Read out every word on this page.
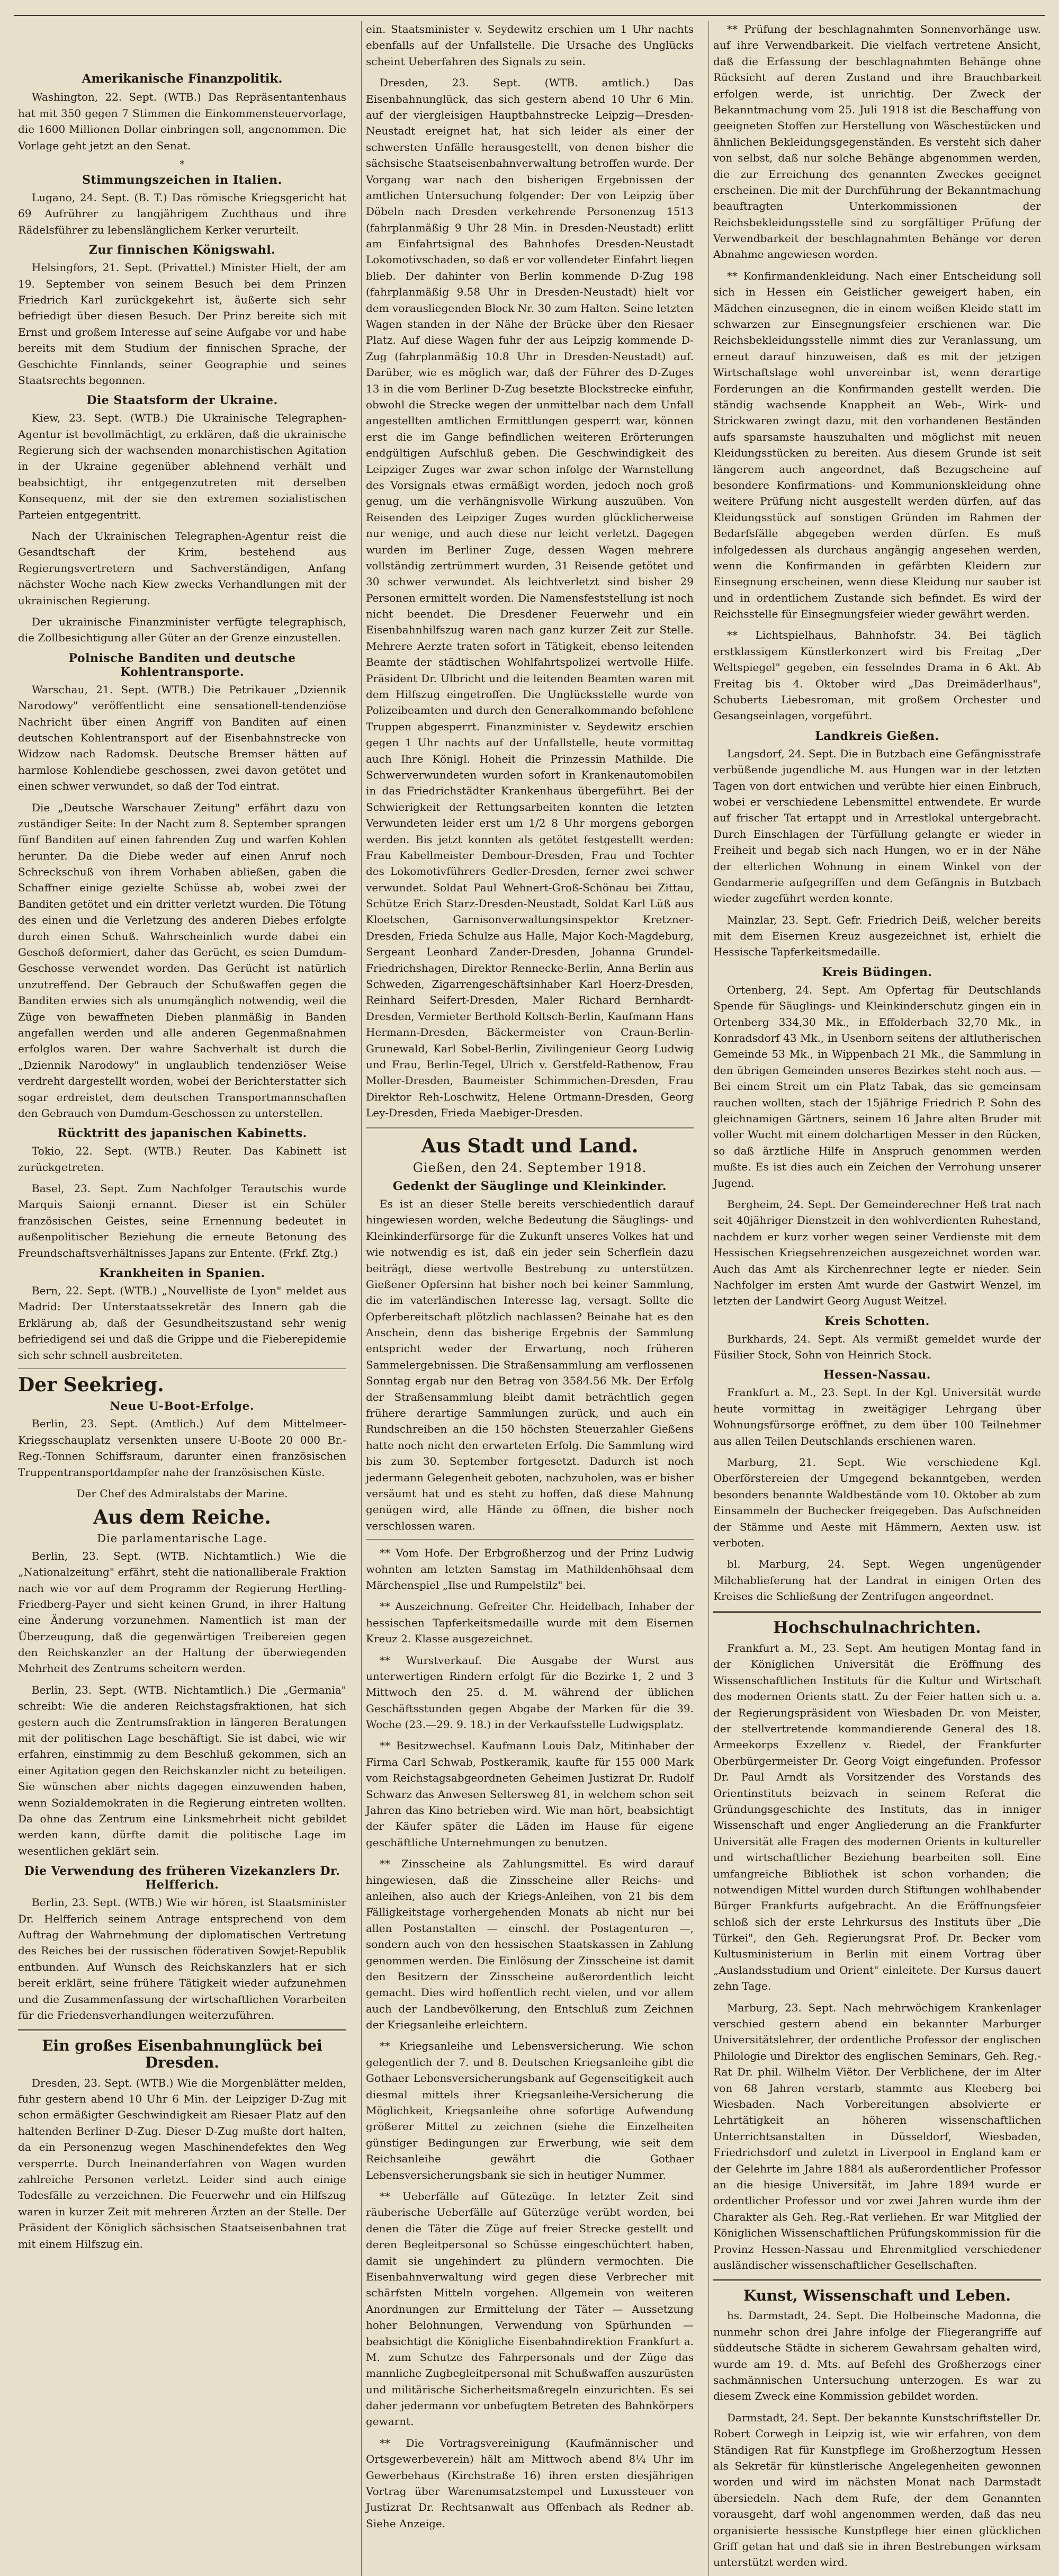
Amerikanische Finanzpolitik.

Washington, 22. Sept. (WTB.) Das Repräsentantenhaus hat mit 350 gegen 7 Stimmen die Einkommensteuervorlage, die 1600 Millionen Dollar einbringen soll, angenommen. Die Vorlage geht jetzt an den Senat.

*
Stimmungszeichen in Italien.

Lugano, 24. Sept. (B. T.) Das römische Kriegsgericht hat 69 Aufrührer zu langjährigem Zuchthaus und ihre Rädelsführer zu lebenslänglichem Kerker verurteilt.

Zur finnischen Königswahl.

Helsingfors, 21. Sept. (Privattel.) Minister Hielt, der am 19. September von seinem Besuch bei dem Prinzen Friedrich Karl zurückgekehrt ist, äußerte sich sehr befriedigt über diesen Besuch. Der Prinz bereite sich mit Ernst und großem Interesse auf seine Aufgabe vor und habe bereits mit dem Studium der finnischen Sprache, der Geschichte Finnlands, seiner Geographie und seines Staatsrechts begonnen.

Die Staatsform der Ukraine.

Kiew, 23. Sept. (WTB.) Die Ukrainische Telegraphen-Agentur ist bevollmächtigt, zu erklären, daß die ukrainische Regierung sich der wachsenden monarchistischen Agitation in der Ukraine gegenüber ablehnend verhält und beabsichtigt, ihr entgegenzutreten mit derselben Konsequenz, mit der sie den extremen sozialistischen Parteien entgegentritt.

Nach der Ukrainischen Telegraphen-Agentur reist die Gesandtschaft der Krim, bestehend aus Regierungsvertretern und Sachverständigen, Anfang nächster Woche nach Kiew zwecks Verhandlungen mit der ukrainischen Regierung.

Der ukrainische Finanzminister verfügte telegraphisch, die Zollbesichtigung aller Güter an der Grenze einzustellen.

Polnische Banditen und deutsche Kohlentransporte.

Warschau, 21. Sept. (WTB.) Die Petrikauer „Dziennik Narodowy" veröffentlicht eine sensationell-tendenziöse Nachricht über einen Angriff von Banditen auf einen deutschen Kohlentransport auf der Eisenbahnstrecke von Widzow nach Radomsk. Deutsche Bremser hätten auf harmlose Kohlendiebe geschossen, zwei davon getötet und einen schwer verwundet, so daß der Tod eintrat.

Die „Deutsche Warschauer Zeitung" erfährt dazu von zuständiger Seite: In der Nacht zum 8. September sprangen fünf Banditen auf einen fahrenden Zug und warfen Kohlen herunter. Da die Diebe weder auf einen Anruf noch Schreckschuß von ihrem Vorhaben abließen, gaben die Schaffner einige gezielte Schüsse ab, wobei zwei der Banditen getötet und ein dritter verletzt wurden. Die Tötung des einen und die Verletzung des anderen Diebes erfolgte durch einen Schuß. Wahrscheinlich wurde dabei ein Geschoß deformiert, daher das Gerücht, es seien Dumdum-Geschosse verwendet worden. Das Gerücht ist natürlich unzutreffend. Der Gebrauch der Schußwaffen gegen die Banditen erwies sich als unumgänglich notwendig, weil die Züge von bewaffneten Dieben planmäßig in Banden angefallen werden und alle anderen Gegenmaßnahmen erfolglos waren. Der wahre Sachverhalt ist durch die „Dziennik Narodowy" in unglaublich tendenziöser Weise verdreht dargestellt worden, wobei der Berichterstatter sich sogar erdreistet, dem deutschen Transportmannschaften den Gebrauch von Dumdum-Geschossen zu unterstellen.

Rücktritt des japanischen Kabinetts.

Tokio, 22. Sept. (WTB.) Reuter. Das Kabinett ist zurückgetreten.

Basel, 23. Sept. Zum Nachfolger Terautschis wurde Marquis Saionji ernannt. Dieser ist ein Schüler französischen Geistes, seine Ernennung bedeutet in außenpolitischer Beziehung die erneute Betonung des Freundschaftsverhältnisses Japans zur Entente. (Frkf. Ztg.)

Krankheiten in Spanien.

Bern, 22. Sept. (WTB.) „Nouvelliste de Lyon" meldet aus Madrid: Der Unterstaatssekretär des Innern gab die Erklärung ab, daß der Gesundheitszustand sehr wenig befriedigend sei und daß die Grippe und die Fieberepidemie sich sehr schnell ausbreiteten.

Der Seekrieg.
Neue U-Boot-Erfolge.

Berlin, 23. Sept. (Amtlich.) Auf dem Mittelmeer-Kriegsschauplatz versenkten unsere U-Boote 20 000 Br.-Reg.-Tonnen Schiffsraum, darunter einen französischen Truppentransportdampfer nahe der französischen Küste.

Der Chef des Admiralstabs der Marine.

Aus dem Reiche.
Die parlamentarische Lage.

Berlin, 23. Sept. (WTB. Nichtamtlich.) Wie die „Nationalzeitung" erfährt, steht die nationalliberale Fraktion nach wie vor auf dem Programm der Regierung Hertling-Friedberg-Payer und sieht keinen Grund, in ihrer Haltung eine Änderung vorzunehmen. Namentlich ist man der Überzeugung, daß die gegenwärtigen Treibereien gegen den Reichskanzler an der Haltung der überwiegenden Mehrheit des Zentrums scheitern werden.

Berlin, 23. Sept. (WTB. Nichtamtlich.) Die „Germania" schreibt: Wie die anderen Reichstagsfraktionen, hat sich gestern auch die Zentrumsfraktion in längeren Beratungen mit der politischen Lage beschäftigt. Sie ist dabei, wie wir erfahren, einstimmig zu dem Beschluß gekommen, sich an einer Agitation gegen den Reichskanzler nicht zu beteiligen. Sie wünschen aber nichts dagegen einzuwenden haben, wenn Sozialdemokraten in die Regierung eintreten wollten. Da ohne das Zentrum eine Linksmehrheit nicht gebildet werden kann, dürfte damit die politische Lage im wesentlichen geklärt sein.

Die Verwendung des früheren Vizekanzlers Dr. Helfferich.

Berlin, 23. Sept. (WTB.) Wie wir hören, ist Staatsminister Dr. Helfferich seinem Antrage entsprechend von dem Auftrag der Wahrnehmung der diplomatischen Vertretung des Reiches bei der russischen föderativen Sowjet-Republik entbunden. Auf Wunsch des Reichskanzlers hat er sich bereit erklärt, seine frühere Tätigkeit wieder aufzunehmen und die Zusammenfassung der wirtschaftlichen Vorarbeiten für die Friedensverhandlungen weiterzuführen.

Ein großes Eisenbahnunglück bei Dresden.

Dresden, 23. Sept. (WTB.) Wie die Morgenblätter melden, fuhr gestern abend 10 Uhr 6 Min. der Leipziger D-Zug mit schon ermäßigter Geschwindigkeit am Riesaer Platz auf den haltenden Berliner D-Zug. Dieser D-Zug mußte dort halten, da ein Personenzug wegen Maschinendefektes den Weg versperrte. Durch Ineinanderfahren von Wagen wurden zahlreiche Personen verletzt. Leider sind auch einige Todesfälle zu verzeichnen. Die Feuerwehr und ein Hilfszug waren in kurzer Zeit mit mehreren Ärzten an der Stelle. Der Präsident der Königlich sächsischen Staatseisenbahnen trat mit einem Hilfszug ein.

ein. Staatsminister v. Seydewitz erschien um 1 Uhr nachts ebenfalls auf der Unfallstelle. Die Ursache des Unglücks scheint Ueberfahren des Signals zu sein.

Dresden, 23. Sept. (WTB. amtlich.) Das Eisenbahnunglück, das sich gestern abend 10 Uhr 6 Min. auf der viergleisigen Hauptbahnstrecke Leipzig—Dresden-Neustadt ereignet hat, hat sich leider als einer der schwersten Unfälle herausgestellt, von denen bisher die sächsische Staatseisenbahnverwaltung betroffen wurde. Der Vorgang war nach den bisherigen Ergebnissen der amtlichen Untersuchung folgender: Der von Leipzig über Döbeln nach Dresden verkehrende Personenzug 1513 (fahrplanmäßig 9 Uhr 28 Min. in Dresden-Neustadt) erlitt am Einfahrtsignal des Bahnhofes Dresden-Neustadt Lokomotivschaden, so daß er vor vollendeter Einfahrt liegen blieb. Der dahinter von Berlin kommende D-Zug 198 (fahrplanmäßig 9.58 Uhr in Dresden-Neustadt) hielt vor dem vorausliegenden Block Nr. 30 zum Halten. Seine letzten Wagen standen in der Nähe der Brücke über den Riesaer Platz. Auf diese Wagen fuhr der aus Leipzig kommende D-Zug (fahrplanmäßig 10.8 Uhr in Dresden-Neustadt) auf. Darüber, wie es möglich war, daß der Führer des D-Zuges 13 in die vom Berliner D-Zug besetzte Blockstrecke einfuhr, obwohl die Strecke wegen der unmittelbar nach dem Unfall angestellten amtlichen Ermittlungen gesperrt war, können erst die im Gange befindlichen weiteren Erörterungen endgültigen Aufschluß geben. Die Geschwindigkeit des Leipziger Zuges war zwar schon infolge der Warnstellung des Vorsignals etwas ermäßigt worden, jedoch noch groß genug, um die verhängnisvolle Wirkung auszuüben. Von Reisenden des Leipziger Zuges wurden glücklicherweise nur wenige, und auch diese nur leicht verletzt. Dagegen wurden im Berliner Zuge, dessen Wagen mehrere vollständig zertrümmert wurden, 31 Reisende getötet und 30 schwer verwundet. Als leichtverletzt sind bisher 29 Personen ermittelt worden. Die Namensfeststellung ist noch nicht beendet. Die Dresdener Feuerwehr und ein Eisenbahnhilfszug waren nach ganz kurzer Zeit zur Stelle. Mehrere Aerzte traten sofort in Tätigkeit, ebenso leitenden Beamte der städtischen Wohlfahrtspolizei wertvolle Hilfe. Präsident Dr. Ulbricht und die leitenden Beamten waren mit dem Hilfszug eingetroffen. Die Unglücksstelle wurde von Polizeibeamten und durch den Generalkommando befohlene Truppen abgesperrt. Finanzminister v. Seydewitz erschien gegen 1 Uhr nachts auf der Unfallstelle, heute vormittag auch Ihre Königl. Hoheit die Prinzessin Mathilde. Die Schwerverwundeten wurden sofort in Krankenautomobilen in das Friedrichstädter Krankenhaus übergeführt. Bei der Schwierigkeit der Rettungsarbeiten konnten die letzten Verwundeten leider erst um 1/2 8 Uhr morgens geborgen werden. Bis jetzt konnten als getötet festgestellt werden: Frau Kabellmeister Dembour-Dresden, Frau und Tochter des Lokomotivführers Gedler-Dresden, ferner zwei schwer verwundet. Soldat Paul Wehnert-Groß-Schönau bei Zittau, Schütze Erich Starz-Dresden-Neustadt, Soldat Karl Lüß aus Kloetschen, Garnisonverwaltungsinspektor Kretzner-Dresden, Frieda Schulze aus Halle, Major Koch-Magdeburg, Sergeant Leonhard Zander-Dresden, Johanna Grundel-Friedrichshagen, Direktor Rennecke-Berlin, Anna Berlin aus Schweden, Zigarrengeschäftsinhaber Karl Hoerz-Dresden, Reinhard Seifert-Dresden, Maler Richard Bernhardt-Dresden, Vermieter Berthold Koltsch-Berlin, Kaufmann Hans Hermann-Dresden, Bäckermeister von Craun-Berlin-Grunewald, Karl Sobel-Berlin, Zivilingenieur Georg Ludwig und Frau, Berlin-Tegel, Ulrich v. Gerstfeld-Rathenow, Frau Moller-Dresden, Baumeister Schimmichen-Dresden, Frau Direktor Reh-Loschwitz, Helene Ortmann-Dresden, Georg Ley-Dresden, Frieda Maebiger-Dresden.

Aus Stadt und Land.
Gießen, den 24. September 1918.
Gedenkt der Säuglinge und Kleinkinder.

Es ist an dieser Stelle bereits verschiedentlich darauf hingewiesen worden, welche Bedeutung die Säuglings- und Kleinkinderfürsorge für die Zukunft unseres Volkes hat und wie notwendig es ist, daß ein jeder sein Scherflein dazu beiträgt, diese wertvolle Bestrebung zu unterstützen. Gießener Opfersinn hat bisher noch bei keiner Sammlung, die im vaterländischen Interesse lag, versagt. Sollte die Opferbereitschaft plötzlich nachlassen? Beinahe hat es den Anschein, denn das bisherige Ergebnis der Sammlung entspricht weder der Erwartung, noch früheren Sammelergebnissen. Die Straßensammlung am verflossenen Sonntag ergab nur den Betrag von 3584.56 Mk. Der Erfolg der Straßensammlung bleibt damit beträchtlich gegen frühere derartige Sammlungen zurück, und auch ein Rundschreiben an die 150 höchsten Steuerzahler Gießens hatte noch nicht den erwarteten Erfolg. Die Sammlung wird bis zum 30. September fortgesetzt. Dadurch ist noch jedermann Gelegenheit geboten, nachzuholen, was er bisher versäumt hat und es steht zu hoffen, daß diese Mahnung genügen wird, alle Hände zu öffnen, die bisher noch verschlossen waren.

** Vom Hofe. Der Erbgroßherzog und der Prinz Ludwig wohnten am letzten Samstag im Mathildenhöhsaal dem Märchenspiel „Ilse und Rumpelstilz" bei.

** Auszeichnung. Gefreiter Chr. Heidelbach, Inhaber der hessischen Tapferkeitsmedaille wurde mit dem Eisernen Kreuz 2. Klasse ausgezeichnet.

** Wurstverkauf. Die Ausgabe der Wurst aus unterwertigen Rindern erfolgt für die Bezirke 1, 2 und 3 Mittwoch den 25. d. M. während der üblichen Geschäftsstunden gegen Abgabe der Marken für die 39. Woche (23.—29. 9. 18.) in der Verkaufsstelle Ludwigsplatz.

** Besitzwechsel. Kaufmann Louis Dalz, Mitinhaber der Firma Carl Schwab, Postkeramik, kaufte für 155 000 Mark vom Reichstagsabgeordneten Geheimen Justizrat Dr. Rudolf Schwarz das Anwesen Seltersweg 81, in welchem schon seit Jahren das Kino betrieben wird. Wie man hört, beabsichtigt der Käufer später die Läden im Hause für eigene geschäftliche Unternehmungen zu benutzen.

** Zinsscheine als Zahlungsmittel. Es wird darauf hingewiesen, daß die Zinsscheine aller Reichs- und anleihen, also auch der Kriegs-Anleihen, von 21 bis dem Fälligkeitstage vorhergehenden Monats ab nicht nur bei allen Postanstalten — einschl. der Postagenturen —, sondern auch von den hessischen Staatskassen in Zahlung genommen werden. Die Einlösung der Zinsscheine ist damit den Besitzern der Zinsscheine außerordentlich leicht gemacht. Dies wird hoffentlich recht vielen, und vor allem auch der Landbevölkerung, den Entschluß zum Zeichnen der Kriegsanleihe erleichtern.

** Kriegsanleihe und Lebensversicherung. Wie schon gelegentlich der 7. und 8. Deutschen Kriegsanleihe gibt die Gothaer Lebensversicherungsbank auf Gegenseitigkeit auch diesmal mittels ihrer Kriegsanleihe-Versicherung die Möglichkeit, Kriegsanleihe ohne sofortige Aufwendung größerer Mittel zu zeichnen (siehe die Einzelheiten günstiger Bedingungen zur Erwerbung, wie seit dem Reichsanleihe gewährt die Gothaer Lebensversicherungsbank sie sich in heutiger Nummer.

** Ueberfälle auf Gütezüge. In letzter Zeit sind räuberische Ueberfälle auf Güterzüge verübt worden, bei denen die Täter die Züge auf freier Strecke gestellt und deren Begleitpersonal so Schüsse eingeschüchtert haben, damit sie ungehindert zu plündern vermochten. Die Eisenbahnverwaltung wird gegen diese Verbrecher mit schärfsten Mitteln vorgehen. Allgemein von weiteren Anordnungen zur Ermittelung der Täter — Aussetzung hoher Belohnungen, Verwendung von Spürhunden — beabsichtigt die Königliche Eisenbahndirektion Frankfurt a. M. zum Schutze des Fahrpersonals und der Züge das mannliche Zugbegleitpersonal mit Schußwaffen auszurüsten und militärische Sicherheitsmaßregeln einzurichten. Es sei daher jedermann vor unbefugtem Betreten des Bahnkörpers gewarnt.

** Die Vortragsvereinigung (Kaufmännischer und Ortsgewerbeverein) hält am Mittwoch abend 8¼ Uhr im Gewerbehaus (Kirchstraße 16) ihren ersten diesjährigen Vortrag über Warenumsatzstempel und Luxussteuer von Justizrat Dr. Rechtsanwalt aus Offenbach als Redner ab. Siehe Anzeige.

** Prüfung der beschlagnahmten Sonnenvorhänge usw. auf ihre Verwendbarkeit. Die vielfach vertretene Ansicht, daß die Erfassung der beschlagnahmten Behänge ohne Rücksicht auf deren Zustand und ihre Brauchbarkeit erfolgen werde, ist unrichtig. Der Zweck der Bekanntmachung vom 25. Juli 1918 ist die Beschaffung von geeigneten Stoffen zur Herstellung von Wäschestücken und ähnlichen Bekleidungsgegenständen. Es versteht sich daher von selbst, daß nur solche Behänge abgenommen werden, die zur Erreichung des genannten Zweckes geeignet erscheinen. Die mit der Durchführung der Bekanntmachung beauftragten Unterkommissionen der Reichsbekleidungsstelle sind zu sorgfältiger Prüfung der Verwendbarkeit der beschlagnahmten Behänge vor deren Abnahme angewiesen worden.

** Konfirmandenkleidung. Nach einer Entscheidung soll sich in Hessen ein Geistlicher geweigert haben, ein Mädchen einzusegnen, die in einem weißen Kleide statt im schwarzen zur Einsegnungsfeier erschienen war. Die Reichsbekleidungsstelle nimmt dies zur Veranlassung, um erneut darauf hinzuweisen, daß es mit der jetzigen Wirtschaftslage wohl unvereinbar ist, wenn derartige Forderungen an die Konfirmanden gestellt werden. Die ständig wachsende Knappheit an Web-, Wirk- und Strickwaren zwingt dazu, mit den vorhandenen Beständen aufs sparsamste hauszuhalten und möglichst mit neuen Kleidungsstücken zu bereiten. Aus diesem Grunde ist seit längerem auch angeordnet, daß Bezugscheine auf besondere Konfirmations- und Kommunionskleidung ohne weitere Prüfung nicht ausgestellt werden dürfen, auf das Kleidungsstück auf sonstigen Gründen im Rahmen der Bedarfsfälle abgegeben werden dürfen. Es muß infolgedessen als durchaus angängig angesehen werden, wenn die Konfirmanden in gefärbten Kleidern zur Einsegnung erscheinen, wenn diese Kleidung nur sauber ist und in ordentlichem Zustande sich befindet. Es wird der Reichsstelle für Einsegnungsfeier wieder gewährt werden.

** Lichtspielhaus, Bahnhofstr. 34. Bei täglich erstklassigem Künstlerkonzert wird bis Freitag „Der Weltspiegel" gegeben, ein fesselndes Drama in 6 Akt. Ab Freitag bis 4. Oktober wird „Das Dreimäderlhaus", Schuberts Liebesroman, mit großem Orchester und Gesangseinlagen, vorgeführt.

Landkreis Gießen.

Langsdorf, 24. Sept. Die in Butzbach eine Gefängnisstrafe verbüßende jugendliche M. aus Hungen war in der letzten Tagen von dort entwichen und verübte hier einen Einbruch, wobei er verschiedene Lebensmittel entwendete. Er wurde auf frischer Tat ertappt und in Arrestlokal untergebracht. Durch Einschlagen der Türfüllung gelangte er wieder in Freiheit und begab sich nach Hungen, wo er in der Nähe der elterlichen Wohnung in einem Winkel von der Gendarmerie aufgegriffen und dem Gefängnis in Butzbach wieder zugeführt werden konnte.

Mainzlar, 23. Sept. Gefr. Friedrich Deiß, welcher bereits mit dem Eisernen Kreuz ausgezeichnet ist, erhielt die Hessische Tapferkeitsmedaille.

Kreis Büdingen.

Ortenberg, 24. Sept. Am Opfertag für Deutschlands Spende für Säuglings- und Kleinkinderschutz gingen ein in Ortenberg 334,30 Mk., in Effolderbach 32,70 Mk., in Konradsdorf 43 Mk., in Usenborn seitens der altlutherischen Gemeinde 53 Mk., in Wippenbach 21 Mk., die Sammlung in den übrigen Gemeinden unseres Bezirkes steht noch aus. — Bei einem Streit um ein Platz Tabak, das sie gemeinsam rauchen wollten, stach der 15jährige Friedrich P. Sohn des gleichnamigen Gärtners, seinem 16 Jahre alten Bruder mit voller Wucht mit einem dolchartigen Messer in den Rücken, so daß ärztliche Hilfe in Anspruch genommen werden mußte. Es ist dies auch ein Zeichen der Verrohung unserer Jugend.

Bergheim, 24. Sept. Der Gemeinderechner Heß trat nach seit 40jähriger Dienstzeit in den wohlverdienten Ruhestand, nachdem er kurz vorher wegen seiner Verdienste mit dem Hessischen Kriegsehrenzeichen ausgezeichnet worden war. Auch das Amt als Kirchenrechner legte er nieder. Sein Nachfolger im ersten Amt wurde der Gastwirt Wenzel, im letzten der Landwirt Georg August Weitzel.

Kreis Schotten.

Burkhards, 24. Sept. Als vermißt gemeldet wurde der Füsilier Stock, Sohn von Heinrich Stock.

Hessen-Nassau.

Frankfurt a. M., 23. Sept. In der Kgl. Universität wurde heute vormittag in zweitägiger Lehrgang über Wohnungsfürsorge eröffnet, zu dem über 100 Teilnehmer aus allen Teilen Deutschlands erschienen waren.

Marburg, 21. Sept. Wie verschiedene Kgl. Oberförstereien der Umgegend bekanntgeben, werden besonders benannte Waldbestände vom 10. Oktober ab zum Einsammeln der Buchecker freigegeben. Das Aufschneiden der Stämme und Aeste mit Hämmern, Aexten usw. ist verboten.

bl. Marburg, 24. Sept. Wegen ungenügender Milchablieferung hat der Landrat in einigen Orten des Kreises die Schließung der Zentrifugen angeordnet.

Hochschulnachrichten.

Frankfurt a. M., 23. Sept. Am heutigen Montag fand in der Königlichen Universität die Eröffnung des Wissenschaftlichen Instituts für die Kultur und Wirtschaft des modernen Orients statt. Zu der Feier hatten sich u. a. der Regierungspräsident von Wiesbaden Dr. von Meister, der stellvertretende kommandierende General des 18. Armeekorps Exzellenz v. Riedel, der Frankfurter Oberbürgermeister Dr. Georg Voigt eingefunden. Professor Dr. Paul Arndt als Vorsitzender des Vorstands des Orientinstituts beizvach in seinem Referat die Gründungsgeschichte des Instituts, das in inniger Wissenschaft und enger Angliederung an die Frankfurter Universität alle Fragen des modernen Orients in kultureller und wirtschaftlicher Beziehung bearbeiten soll. Eine umfangreiche Bibliothek ist schon vorhanden; die notwendigen Mittel wurden durch Stiftungen wohlhabender Bürger Frankfurts aufgebracht. An die Eröffnungsfeier schloß sich der erste Lehrkursus des Instituts über „Die Türkei", den Geh. Regierungsrat Prof. Dr. Becker vom Kultusministerium in Berlin mit einem Vortrag über „Auslandsstudium und Orient" einleitete. Der Kursus dauert zehn Tage.

Marburg, 23. Sept. Nach mehrwöchigem Krankenlager verschied gestern abend ein bekannter Marburger Universitätslehrer, der ordentliche Professor der englischen Philologie und Direktor des englischen Seminars, Geh. Reg.-Rat Dr. phil. Wilhelm Viëtor. Der Verblichene, der im Alter von 68 Jahren verstarb, stammte aus Kleeberg bei Wiesbaden. Nach Vorbereitungen absolvierte er Lehrtätigkeit an höheren wissenschaftlichen Unterrichtsanstalten in Düsseldorf, Wiesbaden, Friedrichsdorf und zuletzt in Liverpool in England kam er der Gelehrte im Jahre 1884 als außerordentlicher Professor an die hiesige Universität, im Jahre 1894 wurde er ordentlicher Professor und vor zwei Jahren wurde ihm der Charakter als Geh. Reg.-Rat verliehen. Er war Mitglied der Königlichen Wissenschaftlichen Prüfungskommission für die Provinz Hessen-Nassau und Ehrenmitglied verschiedener ausländischer wissenschaftlicher Gesellschaften.

Kunst, Wissenschaft und Leben.

hs. Darmstadt, 24. Sept. Die Holbeinsche Madonna, die nunmehr schon drei Jahre infolge der Fliegerangriffe auf süddeutsche Städte in sicherem Gewahrsam gehalten wird, wurde am 19. d. Mts. auf Befehl des Großherzogs einer sachmännischen Untersuchung unterzogen. Es war zu diesem Zweck eine Kommission gebildet worden.

Darmstadt, 24. Sept. Der bekannte Kunstschriftsteller Dr. Robert Corwegh in Leipzig ist, wie wir erfahren, von dem Ständigen Rat für Kunstpflege im Großherzogtum Hessen als Sekretär für künstlerische Angelegenheiten gewonnen worden und wird im nächsten Monat nach Darmstadt übersiedeln. Nach dem Rufe, der dem Genannten vorausgeht, darf wohl angenommen werden, daß das neu organisierte hessische Kunstpflege hier einen glücklichen Griff getan hat und daß sie in ihren Bestrebungen wirksam unterstützt werden wird.
